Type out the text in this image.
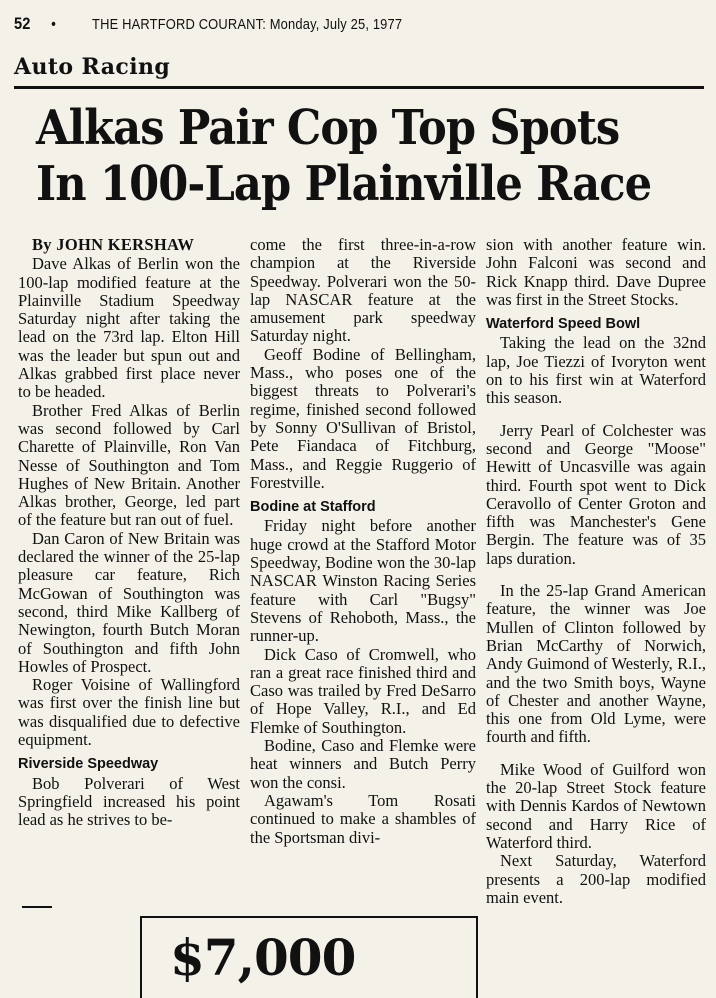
52 • THE HARTFORD COURANT: Monday, July 25, 1977
Auto Racing
Alkas Pair Cop Top Spots
In 100-Lap Plainville Race

By JOHN KERSHAW

Dave Alkas of Berlin won the 100-lap modified feature at the Plainville Stadium Speedway Saturday night after taking the lead on the 73rd lap. Elton Hill was the leader but spun out and Alkas grabbed first place never to be headed.

Brother Fred Alkas of Berlin was second followed by Carl Charette of Plainville, Ron Van Nesse of Southington and Tom Hughes of New Britain. Another Alkas brother, George, led part of the feature but ran out of fuel.

Dan Caron of New Britain was declared the winner of the 25-lap pleasure car feature, Rich McGowan of Southington was second, third Mike Kallberg of Newington, fourth Butch Moran of Southington and fifth John Howles of Prospect.

Roger Voisine of Wallingford was first over the finish line but was disqualified due to defective equipment.

Riverside Speedway

Bob Polverari of West Springfield increased his point lead as he strives to be-

come the first three-in-a-row champion at the Riverside Speedway. Polverari won the 50-lap NASCAR feature at the amusement park speedway Saturday night.

Geoff Bodine of Bellingham, Mass., who poses one of the biggest threats to Polverari's regime, finished second followed by Sonny O'Sullivan of Bristol, Pete Fiandaca of Fitchburg, Mass., and Reggie Ruggerio of Forestville.

Bodine at Stafford

Friday night before another huge crowd at the Stafford Motor Speedway, Bodine won the 30-lap NASCAR Winston Racing Series feature with Carl "Bugsy" Stevens of Rehoboth, Mass., the runner-up.

Dick Caso of Cromwell, who ran a great race finished third and Caso was trailed by Fred DeSarro of Hope Valley, R.I., and Ed Flemke of Southington.

Bodine, Caso and Flemke were heat winners and Butch Perry won the consi.

Agawam's Tom Rosati continued to make a shambles of the Sportsman divi-

sion with another feature win. John Falconi was second and Rick Knapp third. Dave Dupree was first in the Street Stocks.

Waterford Speed Bowl

Taking the lead on the 32nd lap, Joe Tiezzi of Ivoryton went on to his first win at Waterford this season.

Jerry Pearl of Colchester was second and George "Moose" Hewitt of Uncasville was again third. Fourth spot went to Dick Ceravollo of Center Groton and fifth was Manchester's Gene Bergin. The feature was of 35 laps duration.

In the 25-lap Grand American feature, the winner was Joe Mullen of Clinton followed by Brian McCarthy of Norwich, Andy Guimond of Westerly, R.I., and the two Smith boys, Wayne of Chester and another Wayne, this one from Old Lyme, were fourth and fifth.

Mike Wood of Guilford won the 20-lap Street Stock feature with Dennis Kardos of Newtown second and Harry Rice of Waterford third.

Next Saturday, Waterford presents a 200-lap modified main event.

$7,000
